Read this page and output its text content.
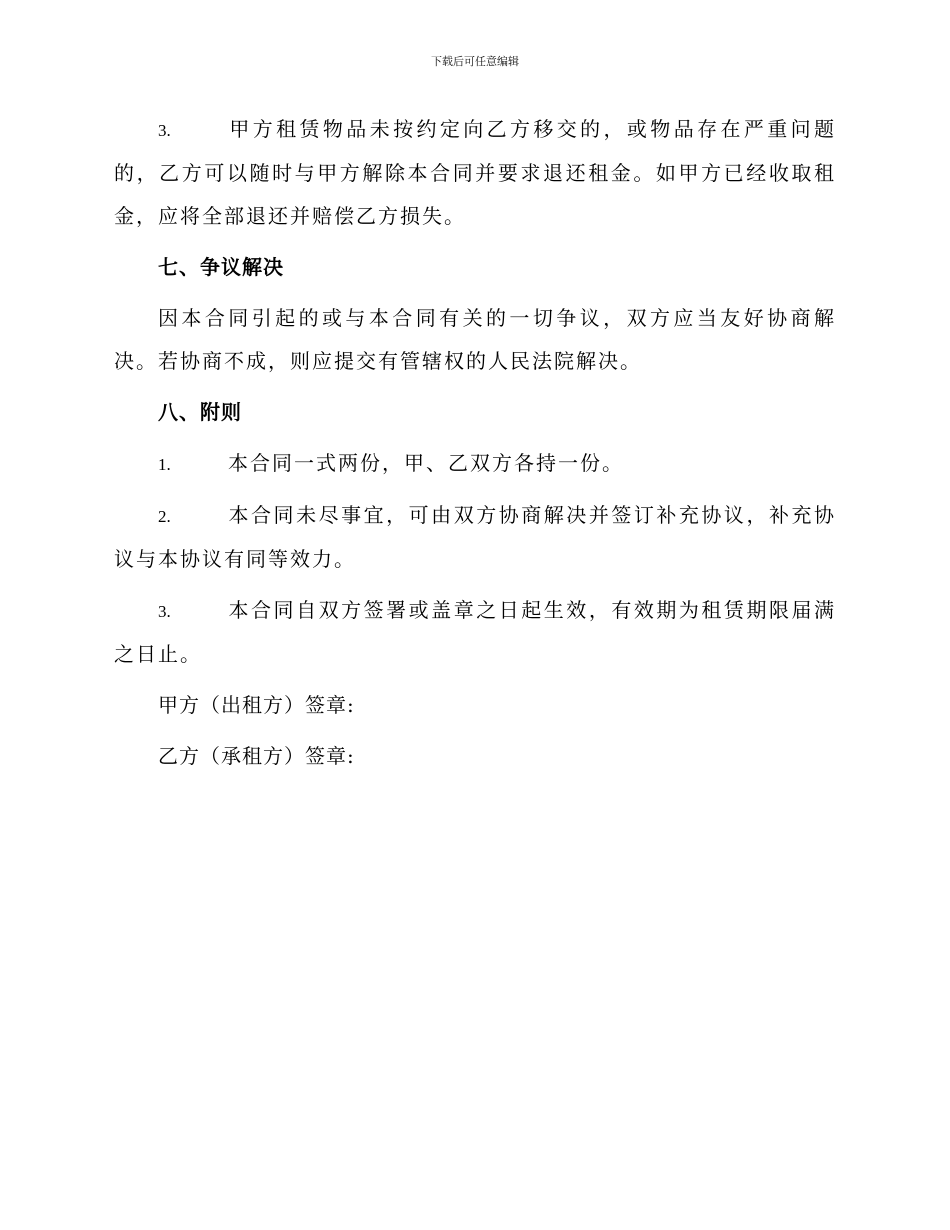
下载后可任意编辑

3.	甲方租赁物品未按约定向乙方移交的，或物品存在严重问题的，乙方可以随时与甲方解除本合同并要求退还租金。如甲方已经收取租金，应将全部退还并赔偿乙方损失。

七、争议解决

因本合同引起的或与本合同有关的一切争议，双方应当友好协商解决。若协商不成，则应提交有管辖权的人民法院解决。

八、附则

1.	本合同一式两份，甲、乙双方各持一份。

2.	本合同未尽事宜，可由双方协商解决并签订补充协议，补充协议与本协议有同等效力。

3.	本合同自双方签署或盖章之日起生效，有效期为租赁期限届满之日止。

甲方（出租方）签章:

乙方（承租方）签章:
